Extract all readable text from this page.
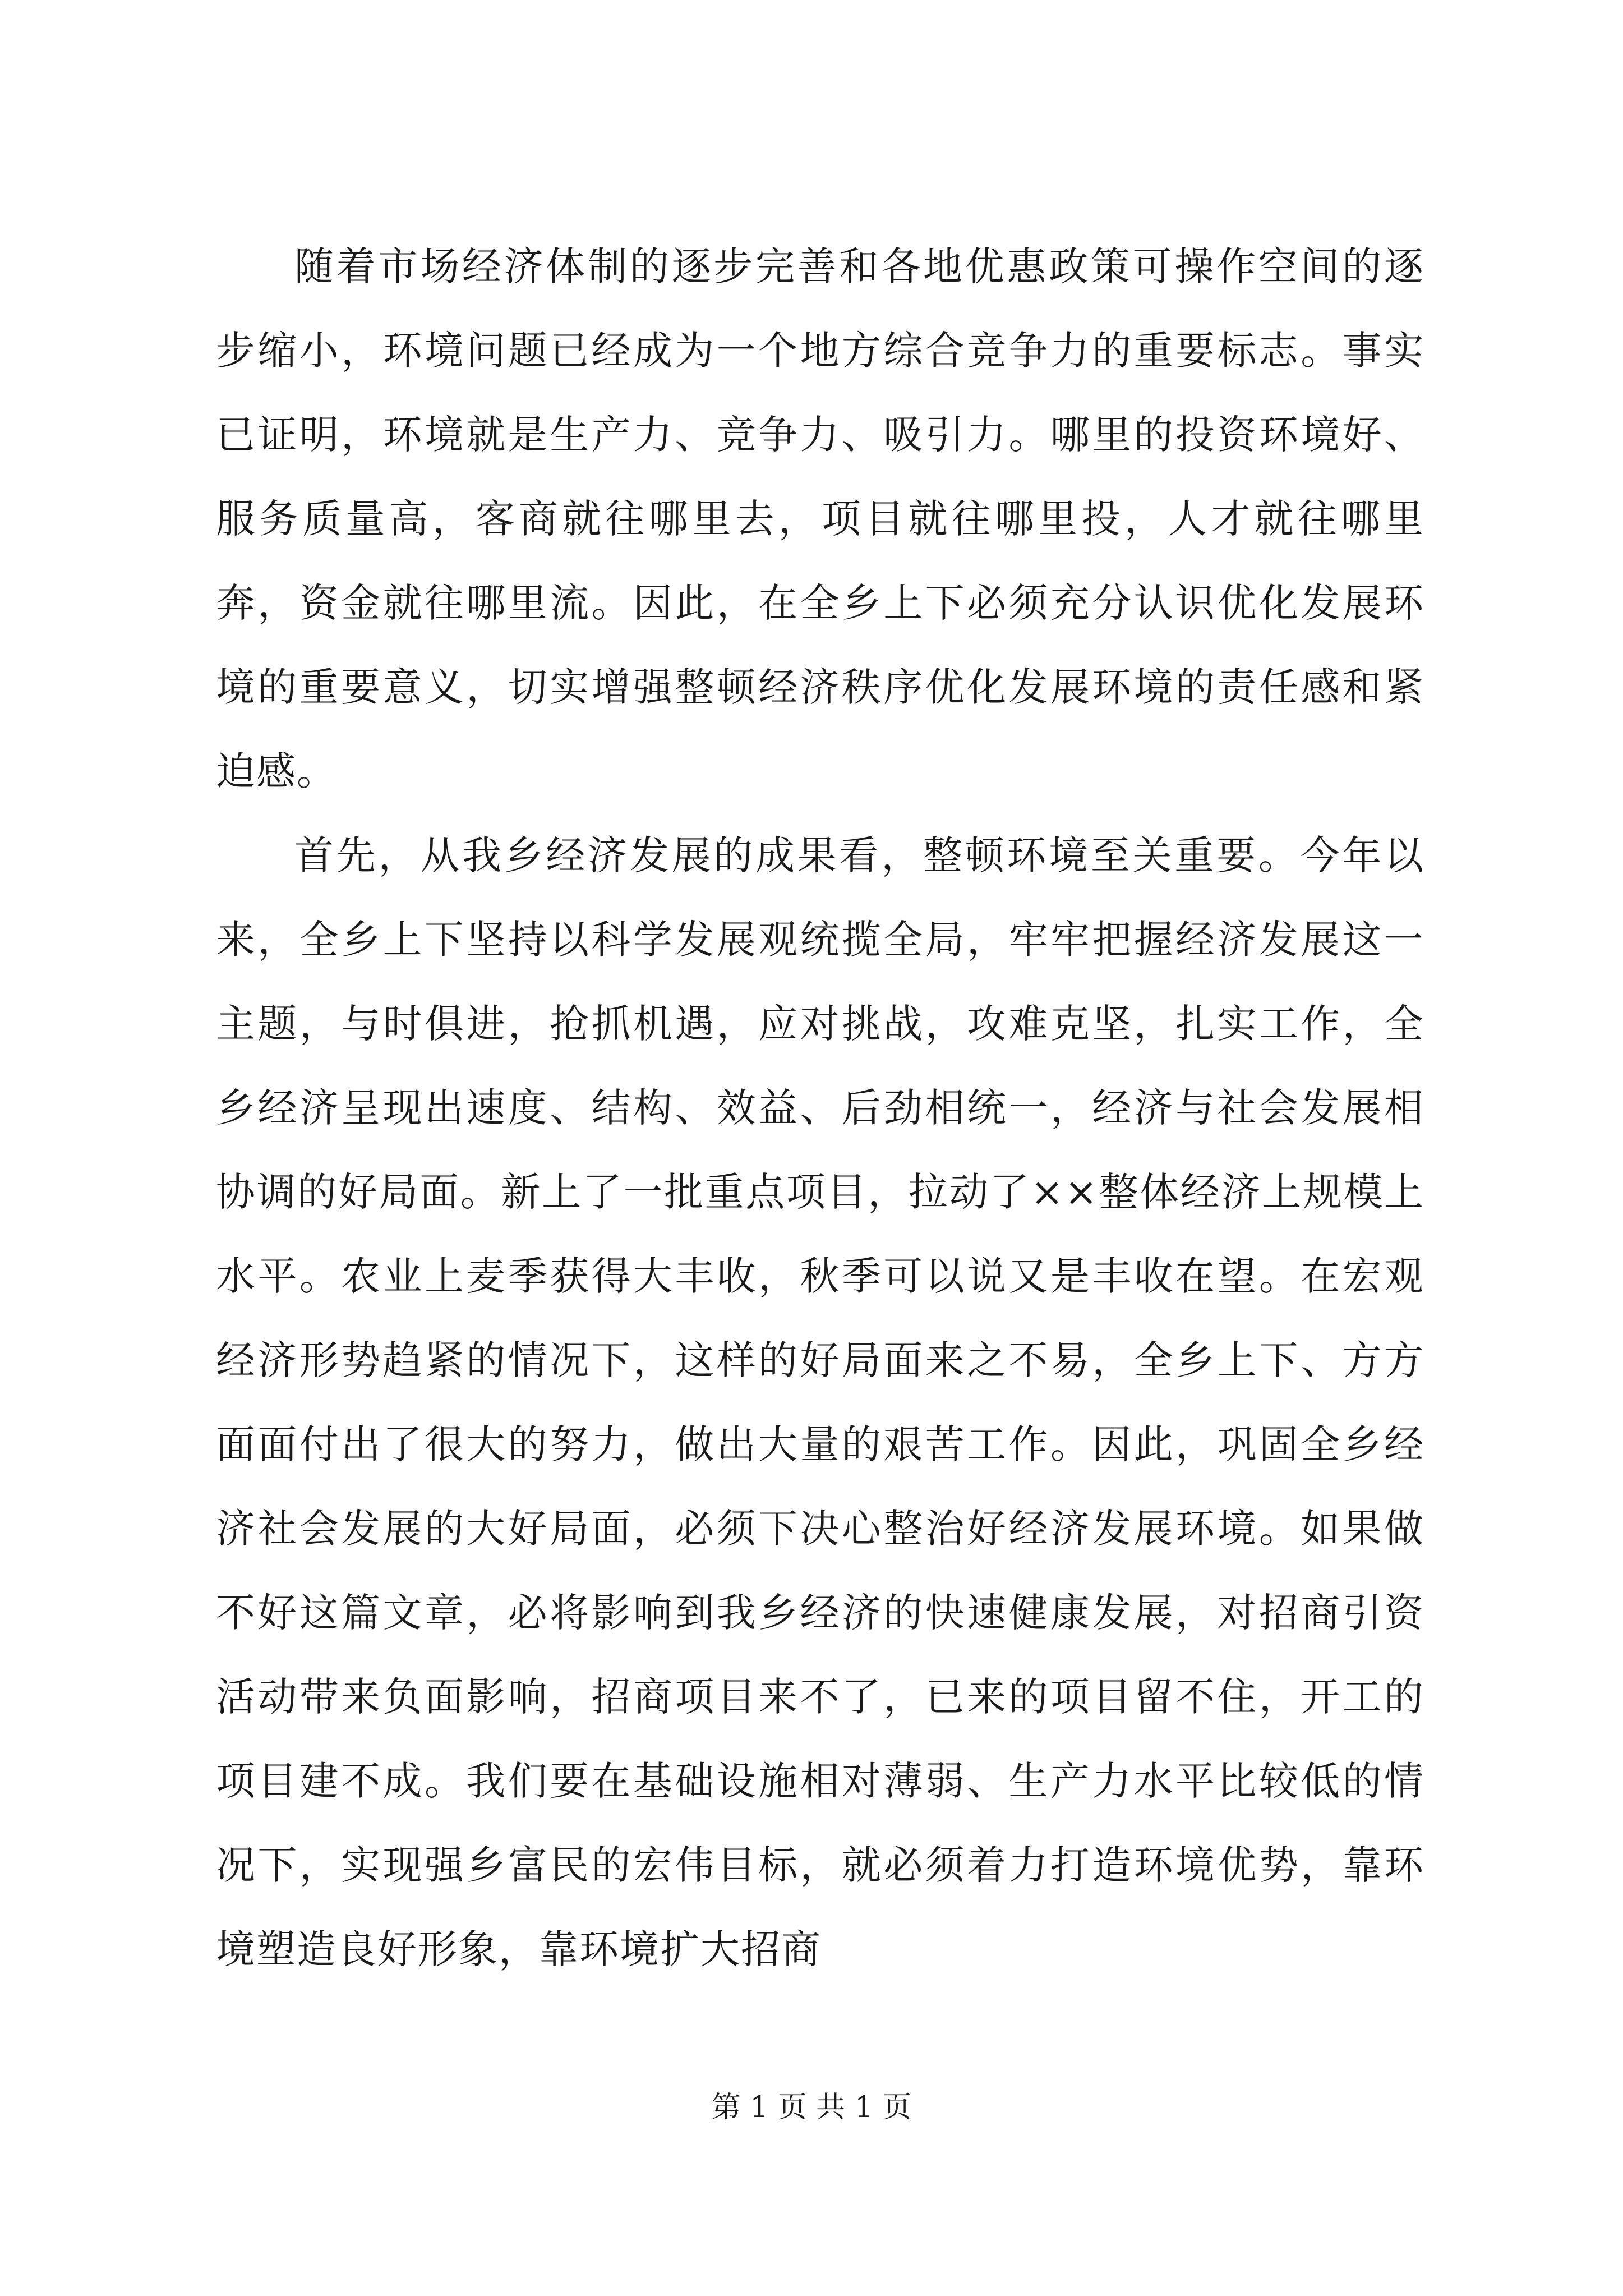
随着市场经济体制的逐步完善和各地优惠政策可操作空间的逐步缩小，环境问题已经成为一个地方综合竞争力的重要标志。事实已证明，环境就是生产力、竞争力、吸引力。哪里的投资环境好、服务质量高，客商就往哪里去，项目就往哪里投，人才就往哪里奔，资金就往哪里流。因此，在全乡上下必须充分认识优化发展环境的重要意义，切实增强整顿经济秩序优化发展环境的责任感和紧迫感。

首先，从我乡经济发展的成果看，整顿环境至关重要。今年以来，全乡上下坚持以科学发展观统揽全局，牢牢把握经济发展这一主题，与时俱进，抢抓机遇，应对挑战，攻难克坚，扎实工作，全乡经济呈现出速度、结构、效益、后劲相统一，经济与社会发展相协调的好局面。新上了一批重点项目，拉动了××整体经济上规模上水平。农业上麦季获得大丰收，秋季可以说又是丰收在望。在宏观经济形势趋紧的情况下，这样的好局面来之不易，全乡上下、方方面面付出了很大的努力，做出大量的艰苦工作。因此，巩固全乡经济社会发展的大好局面，必须下决心整治好经济发展环境。如果做不好这篇文章，必将影响到我乡经济的快速健康发展，对招商引资活动带来负面影响，招商项目来不了，已来的项目留不住，开工的项目建不成。我们要在基础设施相对薄弱、生产力水平比较低的情况下，实现强乡富民的宏伟目标，就必须着力打造环境优势，靠环境塑造良好形象，靠环境扩大招商

第 1 页 共 1 页
